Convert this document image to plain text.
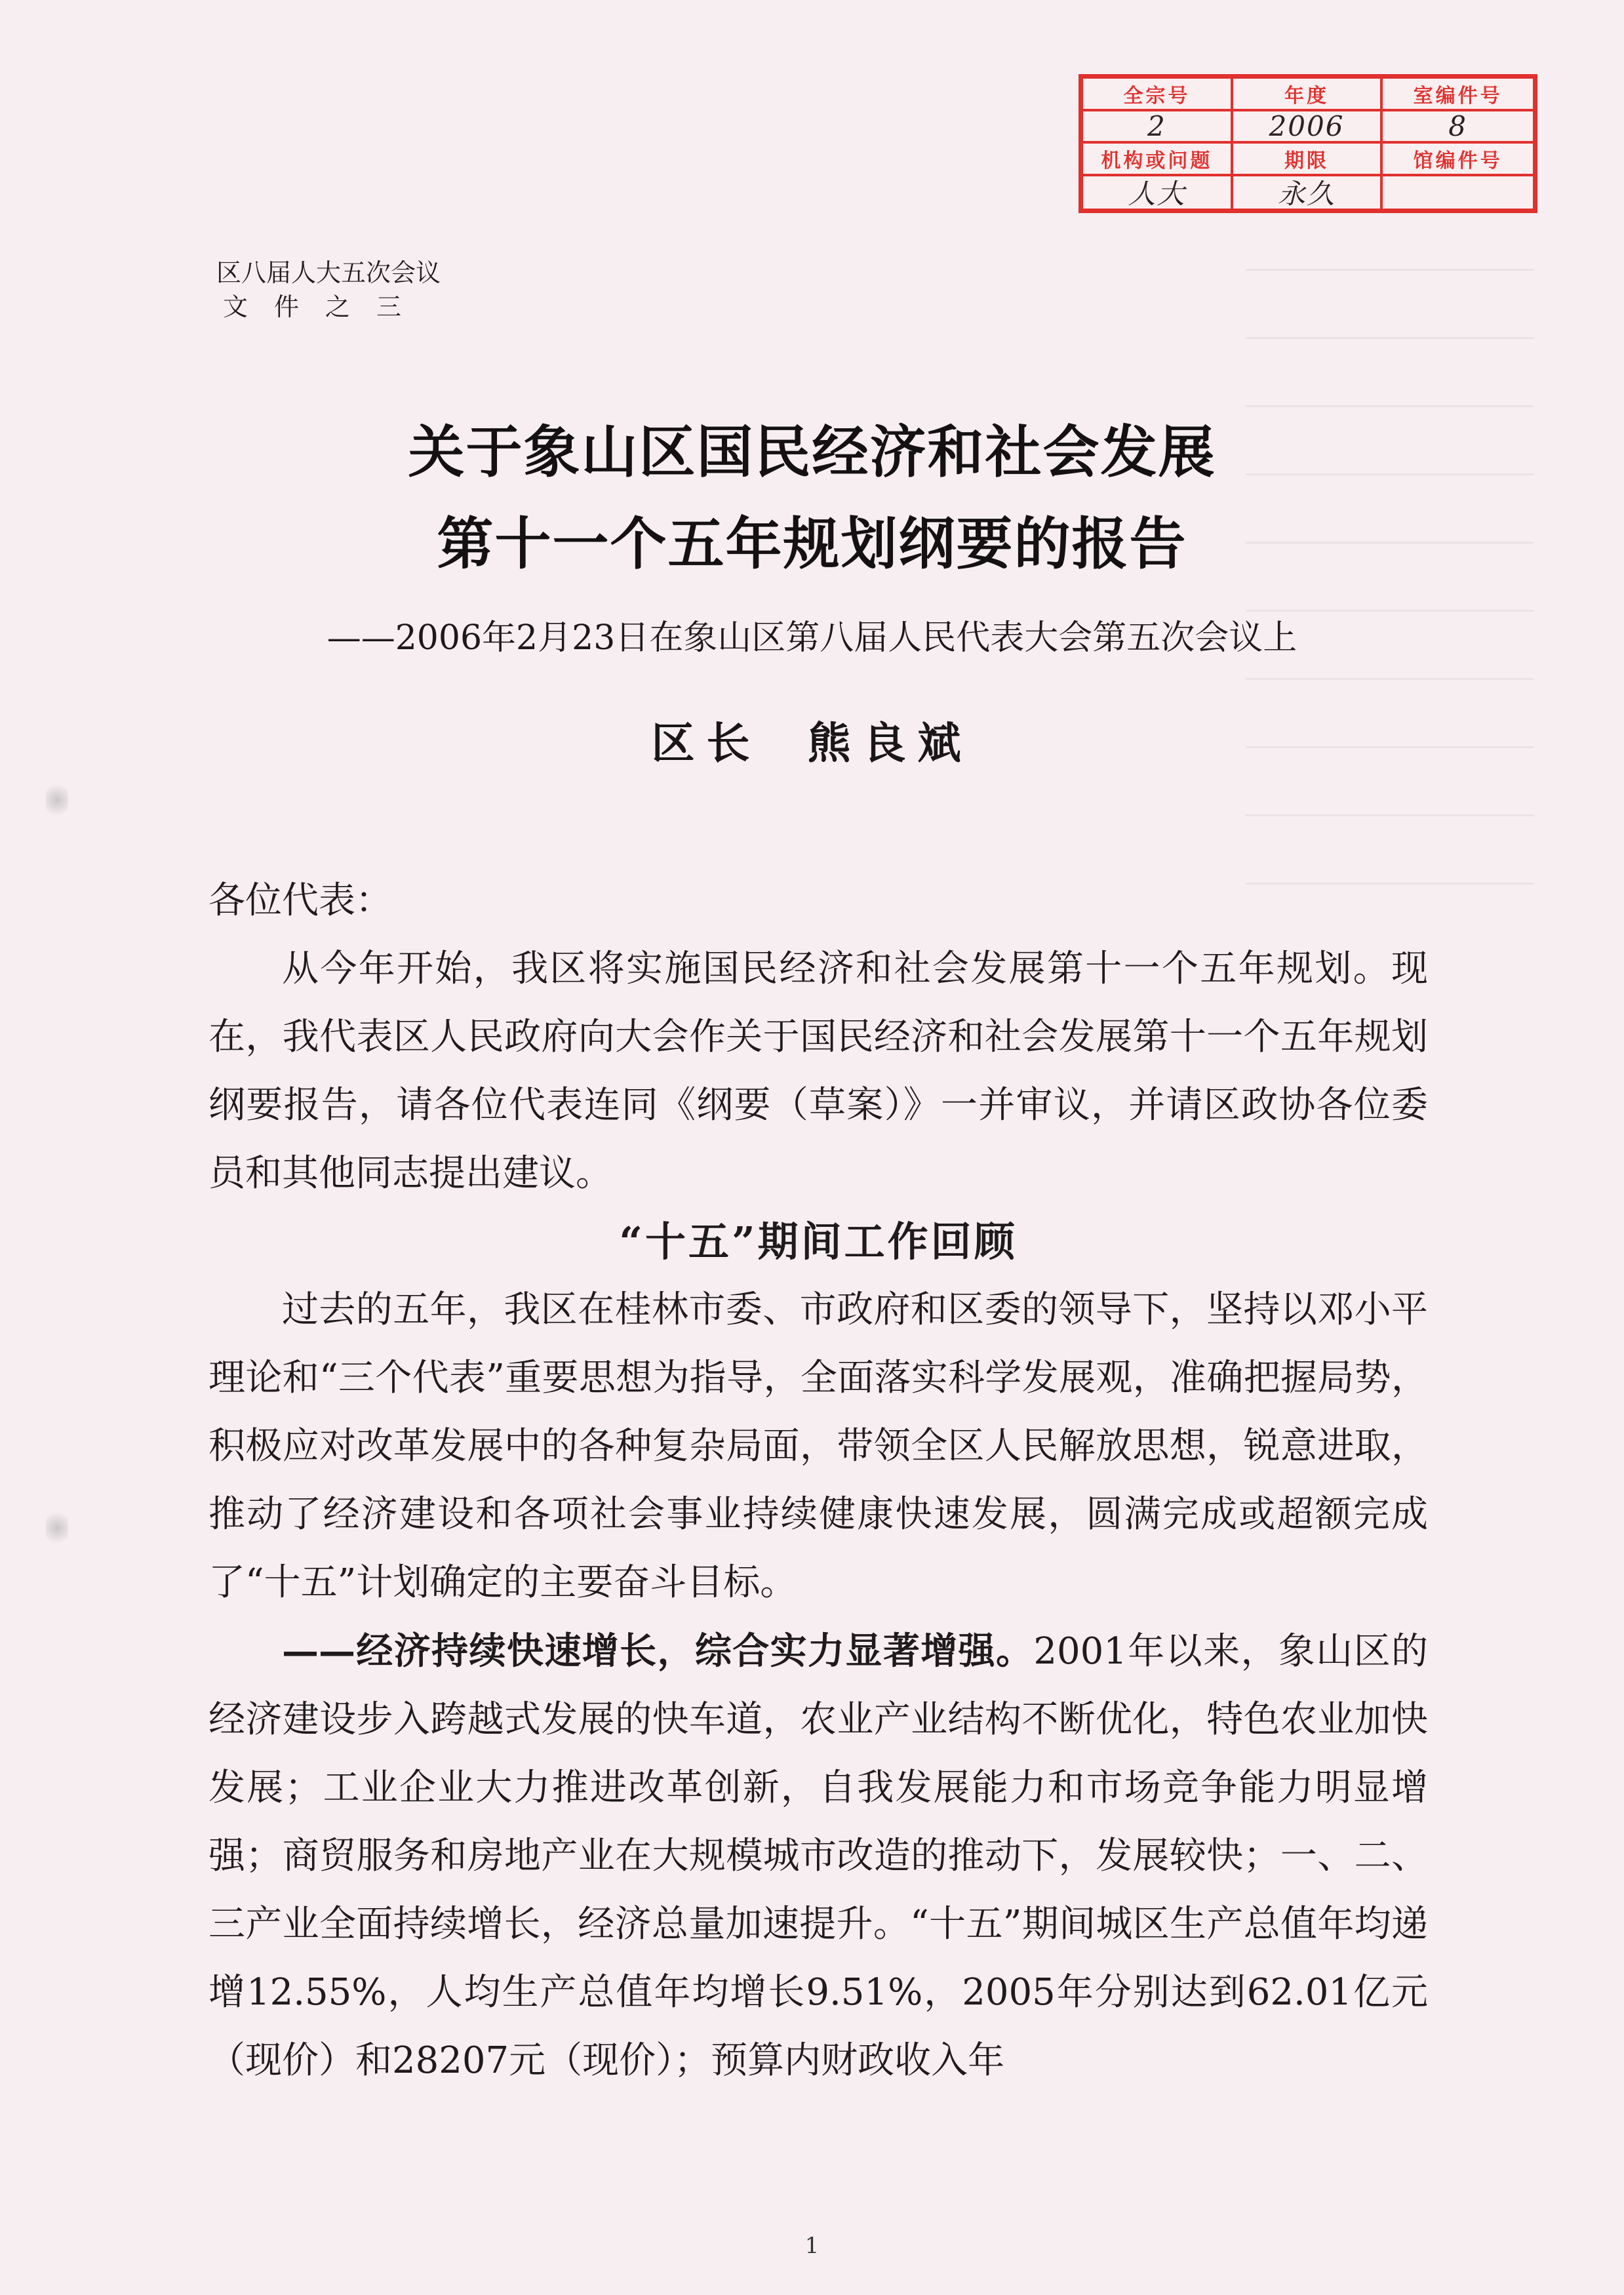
全宗号	年度	室编件号
2	2006	8
机构或问题	期限	馆编件号
人大	永久
区八届人大五次会议
文件之三
关于象山区国民经济和社会发展
第十一个五年规划纲要的报告
——2006年2月23日在象山区第八届人民代表大会第五次会议上
区长 熊良斌

各位代表：

从今年开始，我区将实施国民经济和社会发展第十一个五年规划。现在，我代表区人民政府向大会作关于国民经济和社会发展第十一个五年规划纲要报告，请各位代表连同《纲要（草案）》一并审议，并请区政协各位委员和其他同志提出建议。

“十五”期间工作回顾

过去的五年，我区在桂林市委、市政府和区委的领导下，坚持以邓小平理论和“三个代表”重要思想为指导，全面落实科学发展观，准确把握局势，积极应对改革发展中的各种复杂局面，带领全区人民解放思想，锐意进取，推动了经济建设和各项社会事业持续健康快速发展，圆满完成或超额完成了“十五”计划确定的主要奋斗目标。

——经济持续快速增长，综合实力显著增强。2001年以来，象山区的经济建设步入跨越式发展的快车道，农业产业结构不断优化，特色农业加快发展；工业企业大力推进改革创新，自我发展能力和市场竞争能力明显增强；商贸服务和房地产业在大规模城市改造的推动下，发展较快；一、二、三产业全面持续增长，经济总量加速提升。“十五”期间城区生产总值年均递增12.55%，人均生产总值年均增长9.51%，2005年分别达到62.01亿元（现价）和28207元（现价）；预算内财政收入年

1
